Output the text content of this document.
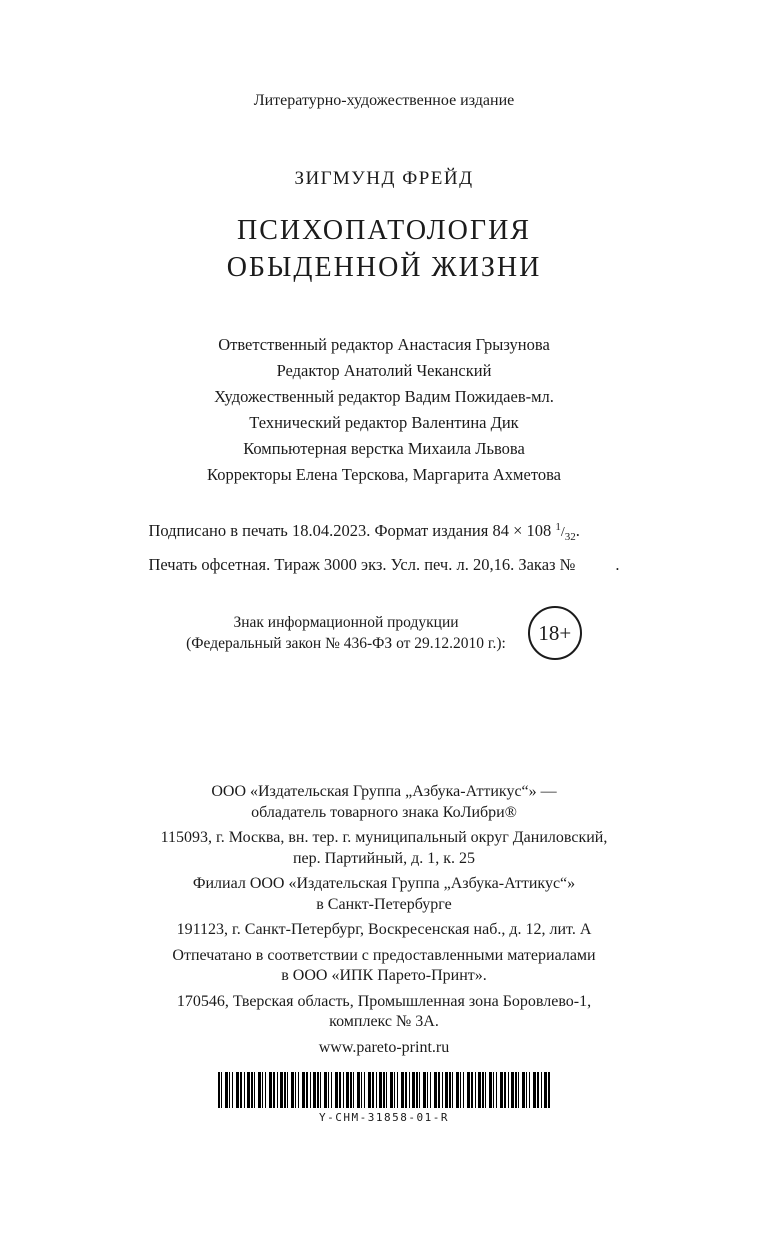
Литературно-художественное издание
ЗИГМУНД ФРЕЙД
ПСИХОПАТОЛОГИЯ
ОБЫДЕННОЙ ЖИЗНИ
Ответственный редактор Анастасия Грызунова
Редактор Анатолий Чеканский
Художественный редактор Вадим Пожидаев-мл.
Технический редактор Валентина Дик
Компьютерная верстка Михаила Львова
Корректоры Елена Терскова, Маргарита Ахметова
Подписано в печать 18.04.2023. Формат издания 84 × 108 $^1/_{32}$.
Печать офсетная. Тираж 3000 экз. Усл. печ. л. 20,16. Заказ № .
Знак информационной продукции
(Федеральный закон № 436-ФЗ от 29.12.2010 г.):	18+

ООО «Издательская Группа „Азбука-Аттикус“» —
обладатель товарного знака КоЛибри®

115093, г. Москва, вн. тер. г. муниципальный округ Даниловский,
пер. Партийный, д. 1, к. 25

Филиал ООО «Издательская Группа „Азбука-Аттикус“»
в Санкт-Петербурге

191123, г. Санкт-Петербург, Воскресенская наб., д. 12, лит. А

Отпечатано в соответствии с предоставленными материалами
в ООО «ИПК Парето-Принт».

170546, Тверская область, Промышленная зона Боровлево-1,
комплекс № 3А.

www.pareto-print.ru

Y-CHM-31858-01-R
